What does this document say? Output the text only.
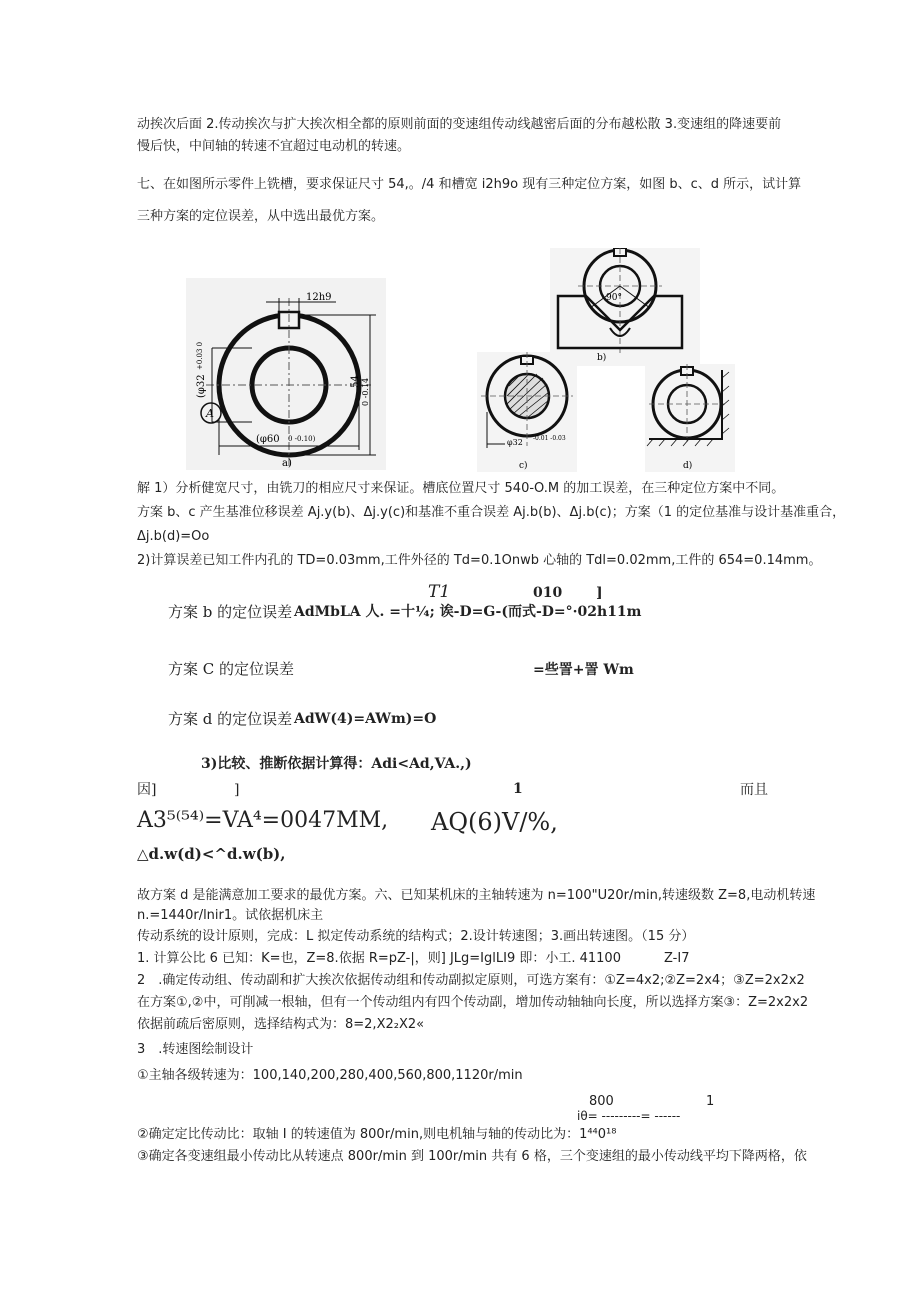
动挨次后面 2.传动挨次与扩大挨次相全都的原则前面的变速组传动线越密后面的分布越松散 3.变速组的降速要前
慢后快，中间轴的转速不宜超过电动机的转速。
七、在如图所示零件上铣槽，要求保证尺寸 54,。/4 和槽宽 i2h9o 现有三种定位方案，如图 b、c、d 所示，试计算
三种方案的定位误差，从中选出最优方案。
12h9
54 0 -0.14
(φ32
+0.03 0
A
(φ60 0 -0.10)
a)
90°
b)
φ32 -0.01 -0.03
c)	d)
解 1）分析健宽尺寸，由铣刀的相应尺寸来保证。槽底位置尺寸 540-O.M 的加工误差，在三种定位方案中不同。
方案 b、c 产生基准位移误差 Aj.y(b)、Δj.y(c)和基准不重合误差 Aj.b(b)、Δj.b(c)；方案（1 的定位基准与设计基准重合，
Δj.b(d)=Oo
2)计算误差已知工件内孔的 TD=0.03mm,工件外径的 Td=0.1Onwb 心轴的 Tdl=0.02mm,工件的 654=0.14mm。
T1	010 ]
方案 b 的定位误差 AdMbLA 人. =十¼; 诶-D=G-(而式-D=°·02h11m
方案 C 的定位误差	=些詈+詈 Wm
方案 d 的定位误差 AdW(4)=AWm)=O
3)比较、推断依据计算得：Adi<Ad,VA.,)
因]	]	1	而且
A3⁵⁽⁵⁴⁾=VA⁴=0047MM, AQ(6)V/%,
△d.w(d)<^d.w(b),
故方案 d 是能满意加工要求的最优方案。六、已知某机床的主轴转速为 n=100"U20r/min,转速级数 Z=8,电动机转速
n.=1440r/lnir1。试依据机床主
传动系统的设计原则，完成：L 拟定传动系统的结构式；2.设计转速图；3.画出转速图。（15 分）
1. 计算公比 6 已知：K=也，Z=8.依据 R=pZ-|，则] JLg=IglLI9 即：小工. 41100	Z-I7
2　.确定传动组、传动副和扩大挨次依据传动组和传动副拟定原则，可选方案有：①Z=4x2;②Z=2x4；③Z=2x2x2
在方案①,②中，可削减一根轴，但有一个传动组内有四个传动副，增加传动轴轴向长度，所以选择方案③：Z=2x2x2
依据前疏后密原则，选择结构式为：8=2,X2₂X2«
3　.转速图绘制设计
①主轴各级转速为：100,140,200,280,400,560,800,1120r/min
800	1
iθ= ---------= ------
②确定定比传动比：取轴 I 的转速值为 800r/min,则电机轴与轴的传动比为：1⁴⁴0¹⁸
③确定各变速组最小传动比从转速点 800r/min 到 100r/min 共有 6 格，三个变速组的最小传动线平均下降两格，依
